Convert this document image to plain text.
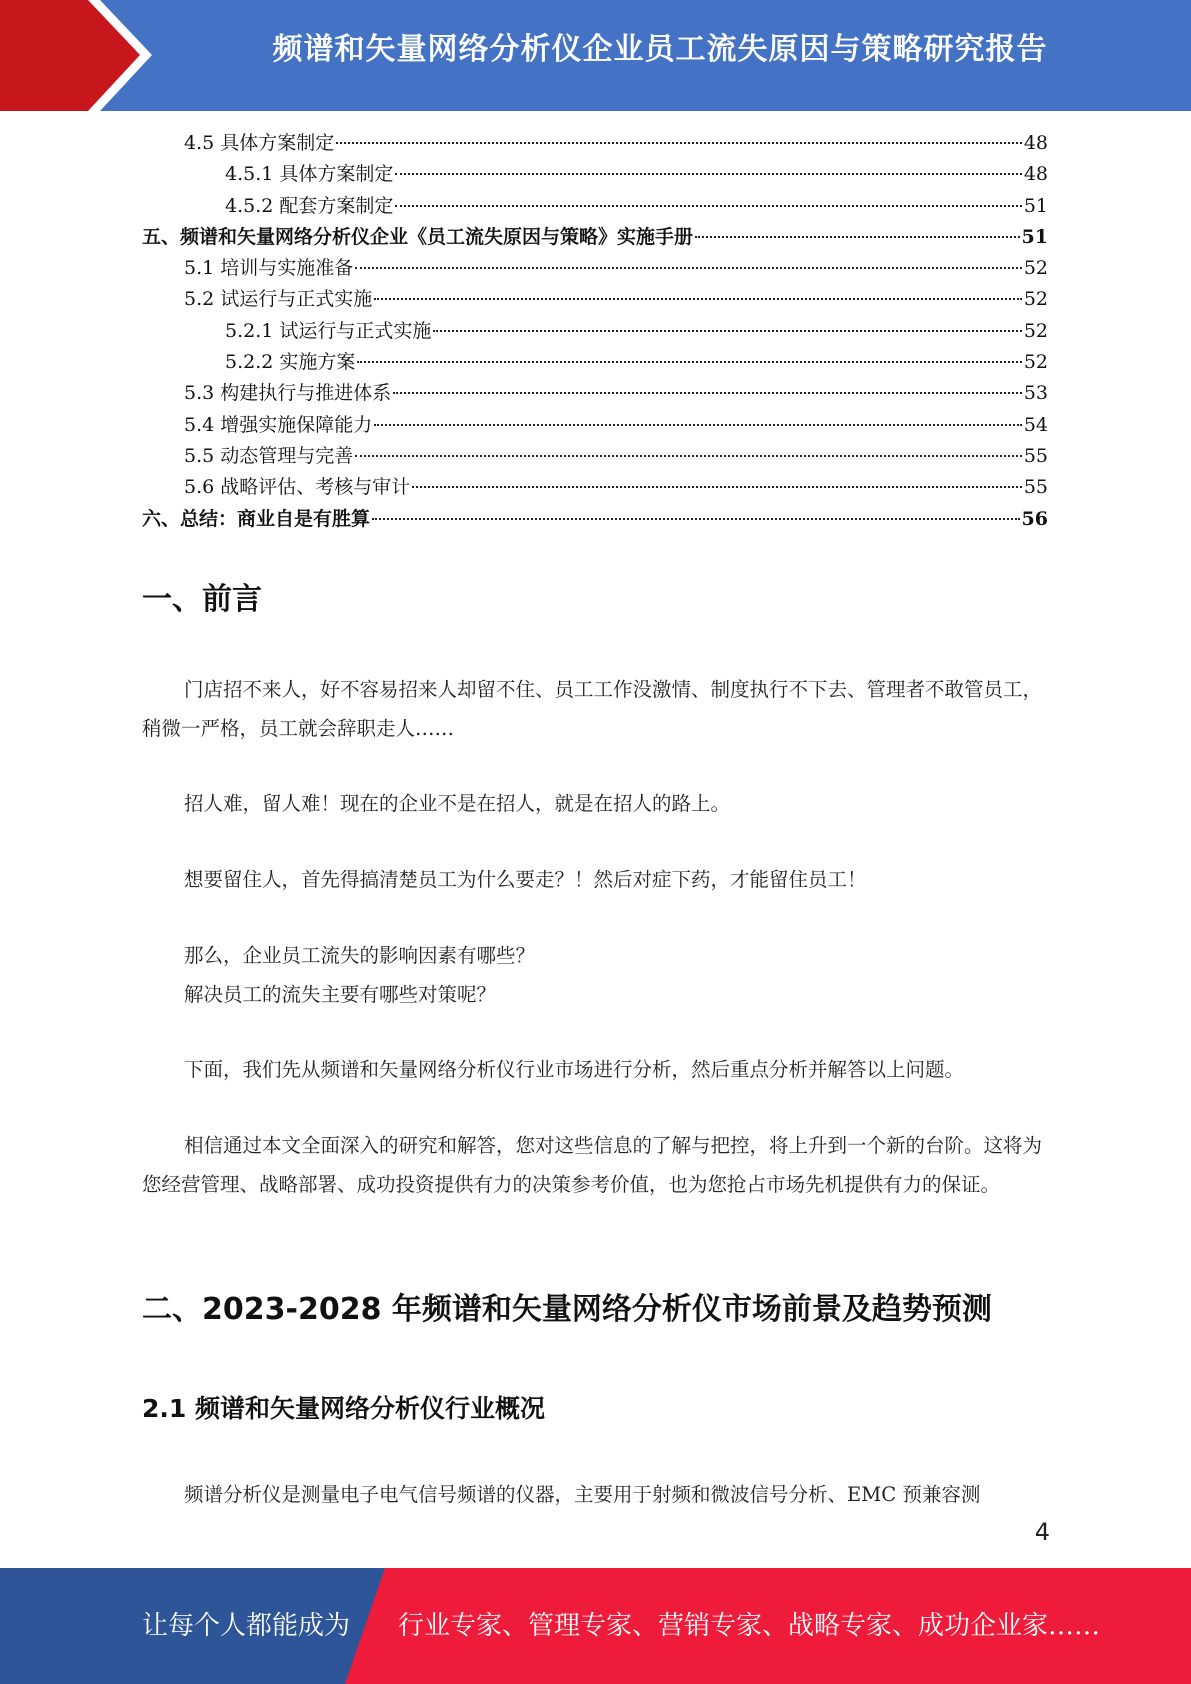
频谱和矢量网络分析仪企业员工流失原因与策略研究报告
4.5 具体方案制定	48
4.5.1 具体方案制定	48
4.5.2 配套方案制定	51
五、频谱和矢量网络分析仪企业《员工流失原因与策略》实施手册	51
5.1 培训与实施准备	52
5.2 试运行与正式实施	52
5.2.1 试运行与正式实施	52
5.2.2 实施方案	52
5.3 构建执行与推进体系	53
5.4 增强实施保障能力	54
5.5 动态管理与完善	55
5.6 战略评估、考核与审计	55
六、总结：商业自是有胜算	56
一、前言
门店招不来人，好不容易招来人却留不住、员工工作没激情、制度执行不下去、管理者不敢管员工，稍微一严格，员工就会辞职走人……
招人难，留人难！现在的企业不是在招人，就是在招人的路上。
想要留住人，首先得搞清楚员工为什么要走？！然后对症下药，才能留住员工！
那么，企业员工流失的影响因素有哪些？
解决员工的流失主要有哪些对策呢？
下面，我们先从频谱和矢量网络分析仪行业市场进行分析，然后重点分析并解答以上问题。
相信通过本文全面深入的研究和解答，您对这些信息的了解与把控，将上升到一个新的台阶。这将为您经营管理、战略部署、成功投资提供有力的决策参考价值，也为您抢占市场先机提供有力的保证。
二、2023-2028 年频谱和矢量网络分析仪市场前景及趋势预测
2.1 频谱和矢量网络分析仪行业概况
频谱分析仪是测量电子电气信号频谱的仪器，主要用于射频和微波信号分析、EMC 预兼容测
4
让每个人都能成为 行业专家、管理专家、营销专家、战略专家、成功企业家……
